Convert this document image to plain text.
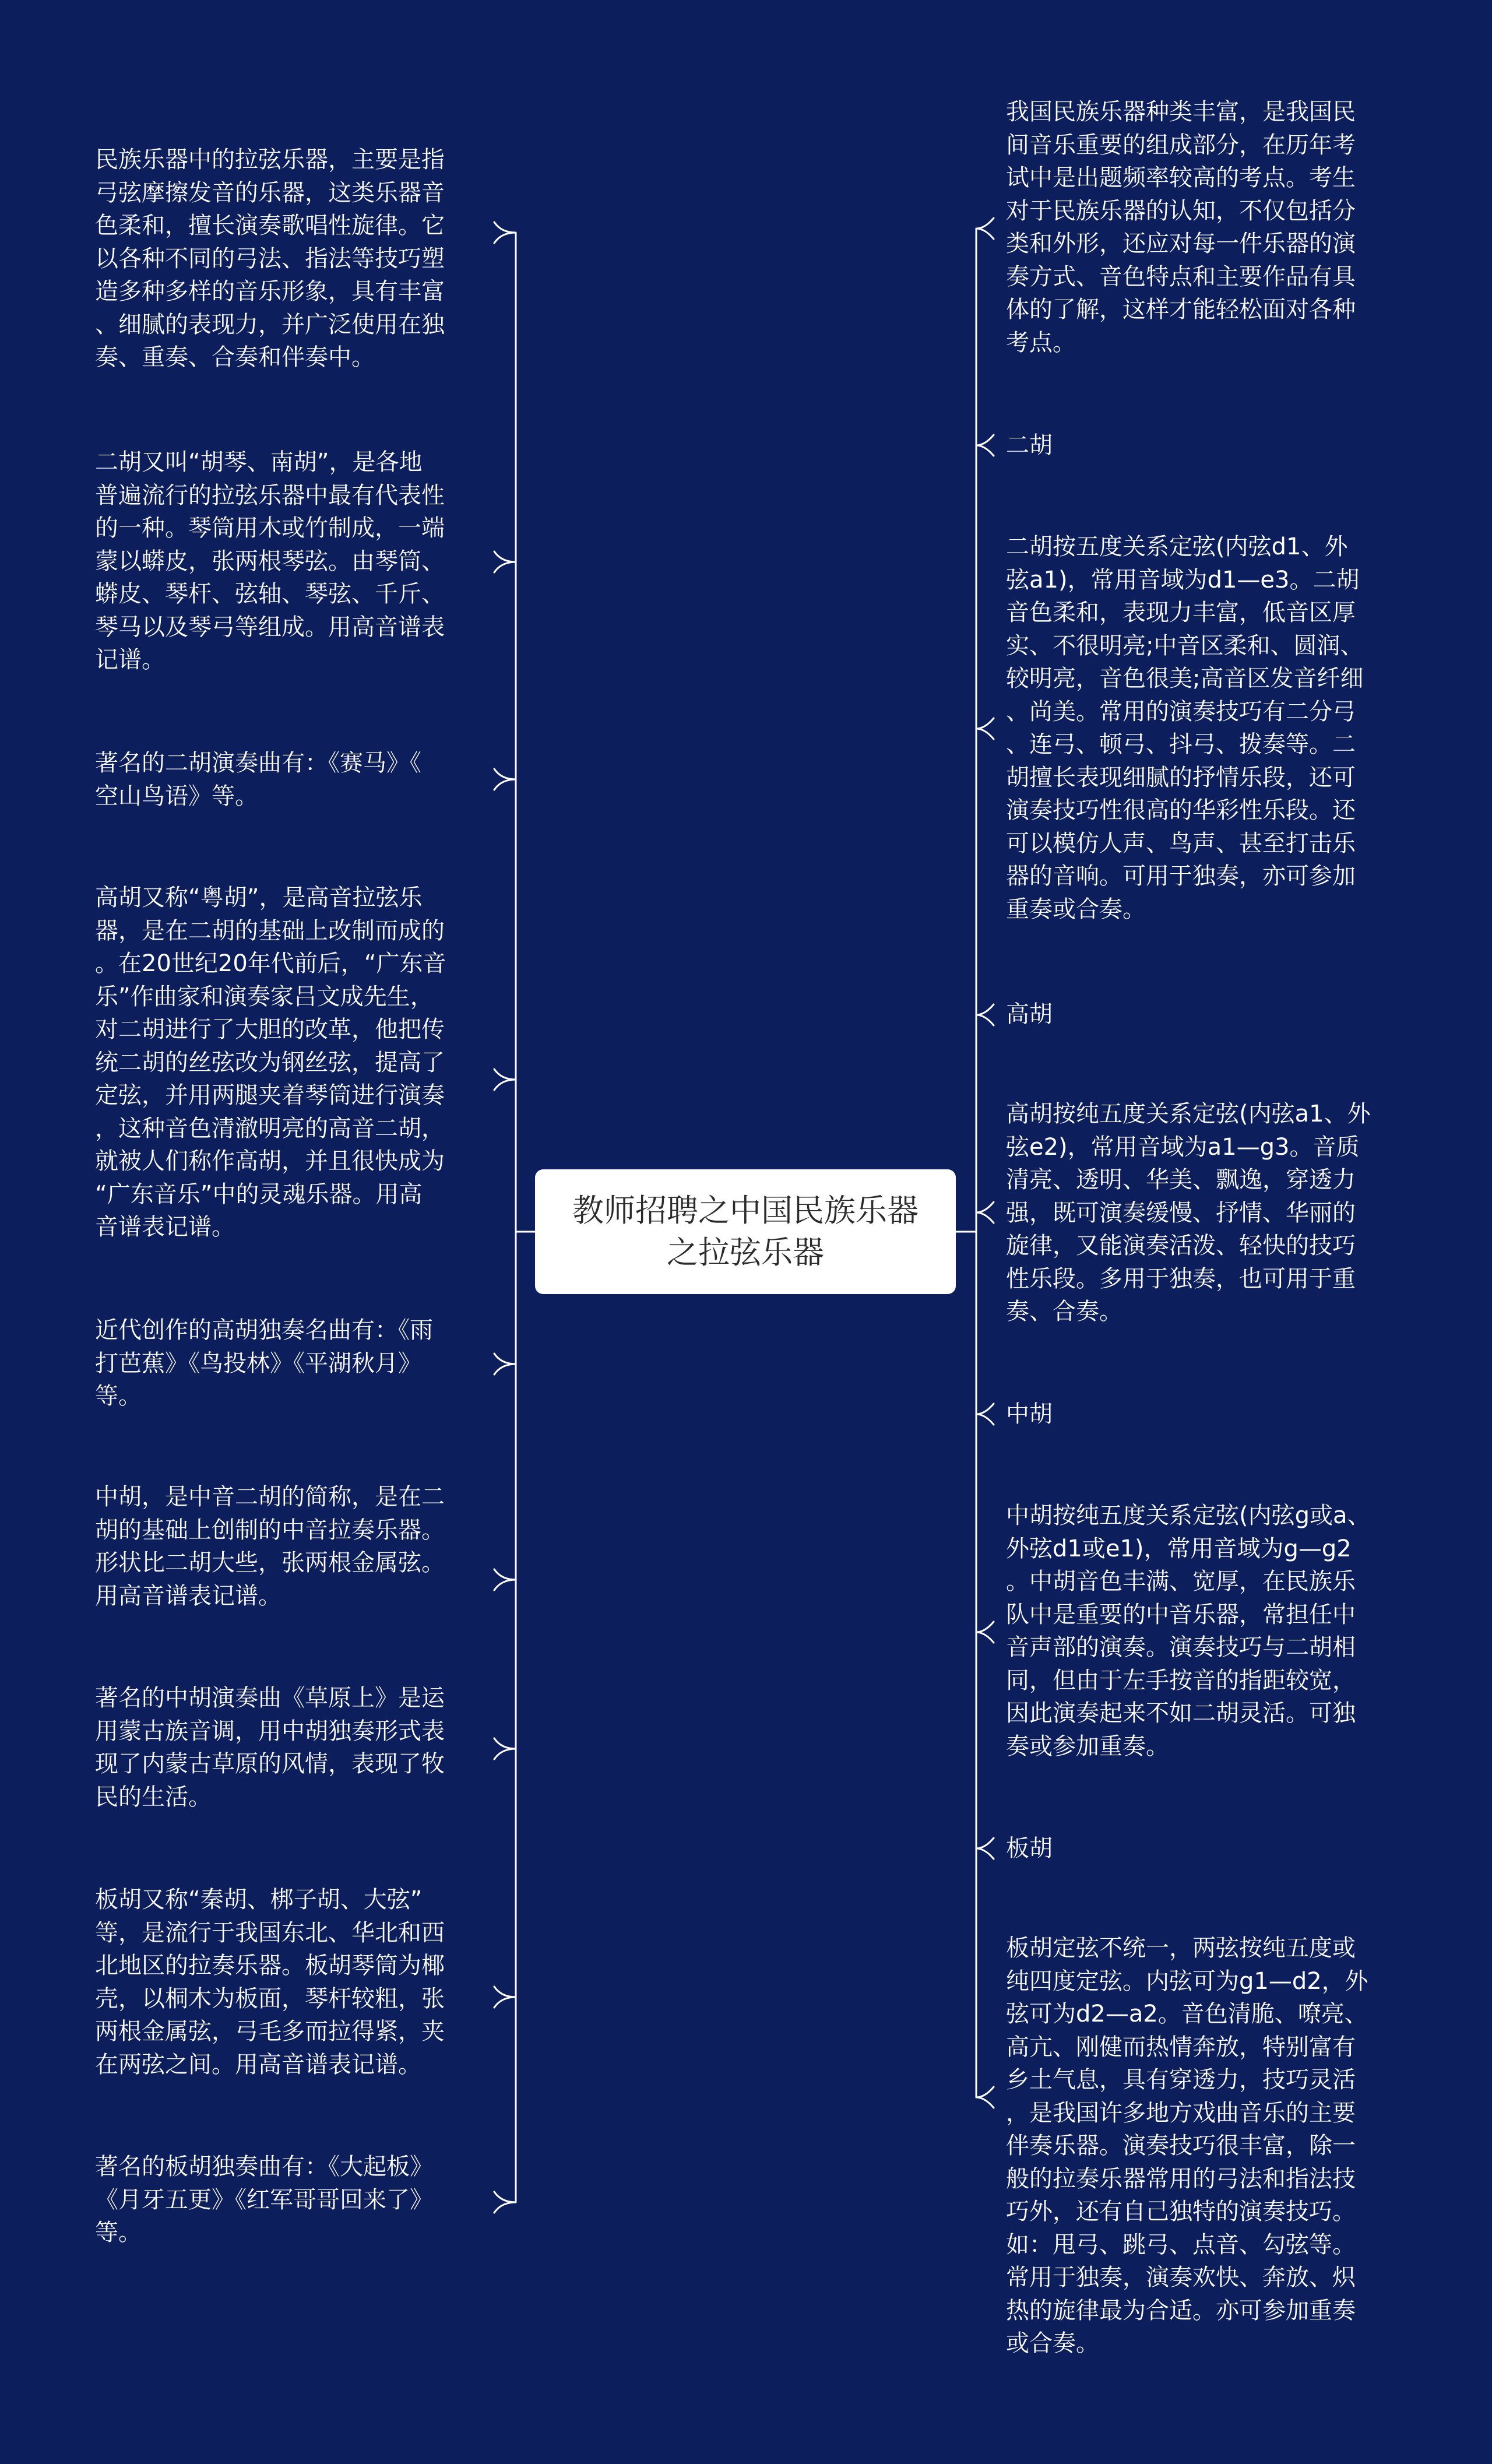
教师招聘之中国民族乐器
之拉弦乐器
民族乐器中的拉弦乐器，主要是指
弓弦摩擦发音的乐器，这类乐器音
色柔和，擅长演奏歌唱性旋律。它
以各种不同的弓法、指法等技巧塑
造多种多样的音乐形象，具有丰富
、细腻的表现力，并广泛使用在独
奏、重奏、合奏和伴奏中。
二胡又叫“胡琴、南胡”，是各地
普遍流行的拉弦乐器中最有代表性
的一种。琴筒用木或竹制成，一端
蒙以蟒皮，张两根琴弦。由琴筒、
蟒皮、琴杆、弦轴、琴弦、千斤、
琴马以及琴弓等组成。用高音谱表
记谱。
著名的二胡演奏曲有：《赛马》《
空山鸟语》等。
高胡又称“粤胡”，是高音拉弦乐
器，是在二胡的基础上改制而成的
。在20世纪20年代前后，“广东音
乐”作曲家和演奏家吕文成先生，
对二胡进行了大胆的改革，他把传
统二胡的丝弦改为钢丝弦，提高了
定弦，并用两腿夹着琴筒进行演奏
，这种音色清澈明亮的高音二胡，
就被人们称作高胡，并且很快成为
“广东音乐”中的灵魂乐器。用高
音谱表记谱。
近代创作的高胡独奏名曲有：《雨
打芭蕉》《鸟投林》《平湖秋月》
等。
中胡，是中音二胡的简称，是在二
胡的基础上创制的中音拉奏乐器。
形状比二胡大些，张两根金属弦。
用高音谱表记谱。
著名的中胡演奏曲《草原上》是运
用蒙古族音调，用中胡独奏形式表
现了内蒙古草原的风情，表现了牧
民的生活。
板胡又称“秦胡、梆子胡、大弦”
等，是流行于我国东北、华北和西
北地区的拉奏乐器。板胡琴筒为椰
壳，以桐木为板面，琴杆较粗，张
两根金属弦，弓毛多而拉得紧，夹
在两弦之间。用高音谱表记谱。
著名的板胡独奏曲有：《大起板》
《月牙五更》《红军哥哥回来了》
等。
我国民族乐器种类丰富，是我国民
间音乐重要的组成部分，在历年考
试中是出题频率较高的考点。考生
对于民族乐器的认知，不仅包括分
类和外形，还应对每一件乐器的演
奏方式、音色特点和主要作品有具
体的了解，这样才能轻松面对各种
考点。
二胡
二胡按五度关系定弦(内弦d1、外
弦a1)，常用音域为d1—e3。二胡
音色柔和，表现力丰富，低音区厚
实、不很明亮;中音区柔和、圆润、
较明亮，音色很美;高音区发音纤细
、尚美。常用的演奏技巧有二分弓
、连弓、顿弓、抖弓、拨奏等。二
胡擅长表现细腻的抒情乐段，还可
演奏技巧性很高的华彩性乐段。还
可以模仿人声、鸟声、甚至打击乐
器的音响。可用于独奏，亦可参加
重奏或合奏。
高胡
高胡按纯五度关系定弦(内弦a1、外
弦e2)，常用音域为a1—g3。音质
清亮、透明、华美、飘逸，穿透力
强，既可演奏缓慢、抒情、华丽的
旋律，又能演奏活泼、轻快的技巧
性乐段。多用于独奏，也可用于重
奏、合奏。
中胡
中胡按纯五度关系定弦(内弦g或a、
外弦d1或e1)，常用音域为g—g2
。中胡音色丰满、宽厚，在民族乐
队中是重要的中音乐器，常担任中
音声部的演奏。演奏技巧与二胡相
同，但由于左手按音的指距较宽，
因此演奏起来不如二胡灵活。可独
奏或参加重奏。
板胡
板胡定弦不统一，两弦按纯五度或
纯四度定弦。内弦可为g1—d2，外
弦可为d2—a2。音色清脆、嘹亮、
高亢、刚健而热情奔放，特别富有
乡土气息，具有穿透力，技巧灵活
，是我国许多地方戏曲音乐的主要
伴奏乐器。演奏技巧很丰富，除一
般的拉奏乐器常用的弓法和指法技
巧外，还有自己独特的演奏技巧。
如：甩弓、跳弓、点音、勾弦等。
常用于独奏，演奏欢快、奔放、炽
热的旋律最为合适。亦可参加重奏
或合奏。
